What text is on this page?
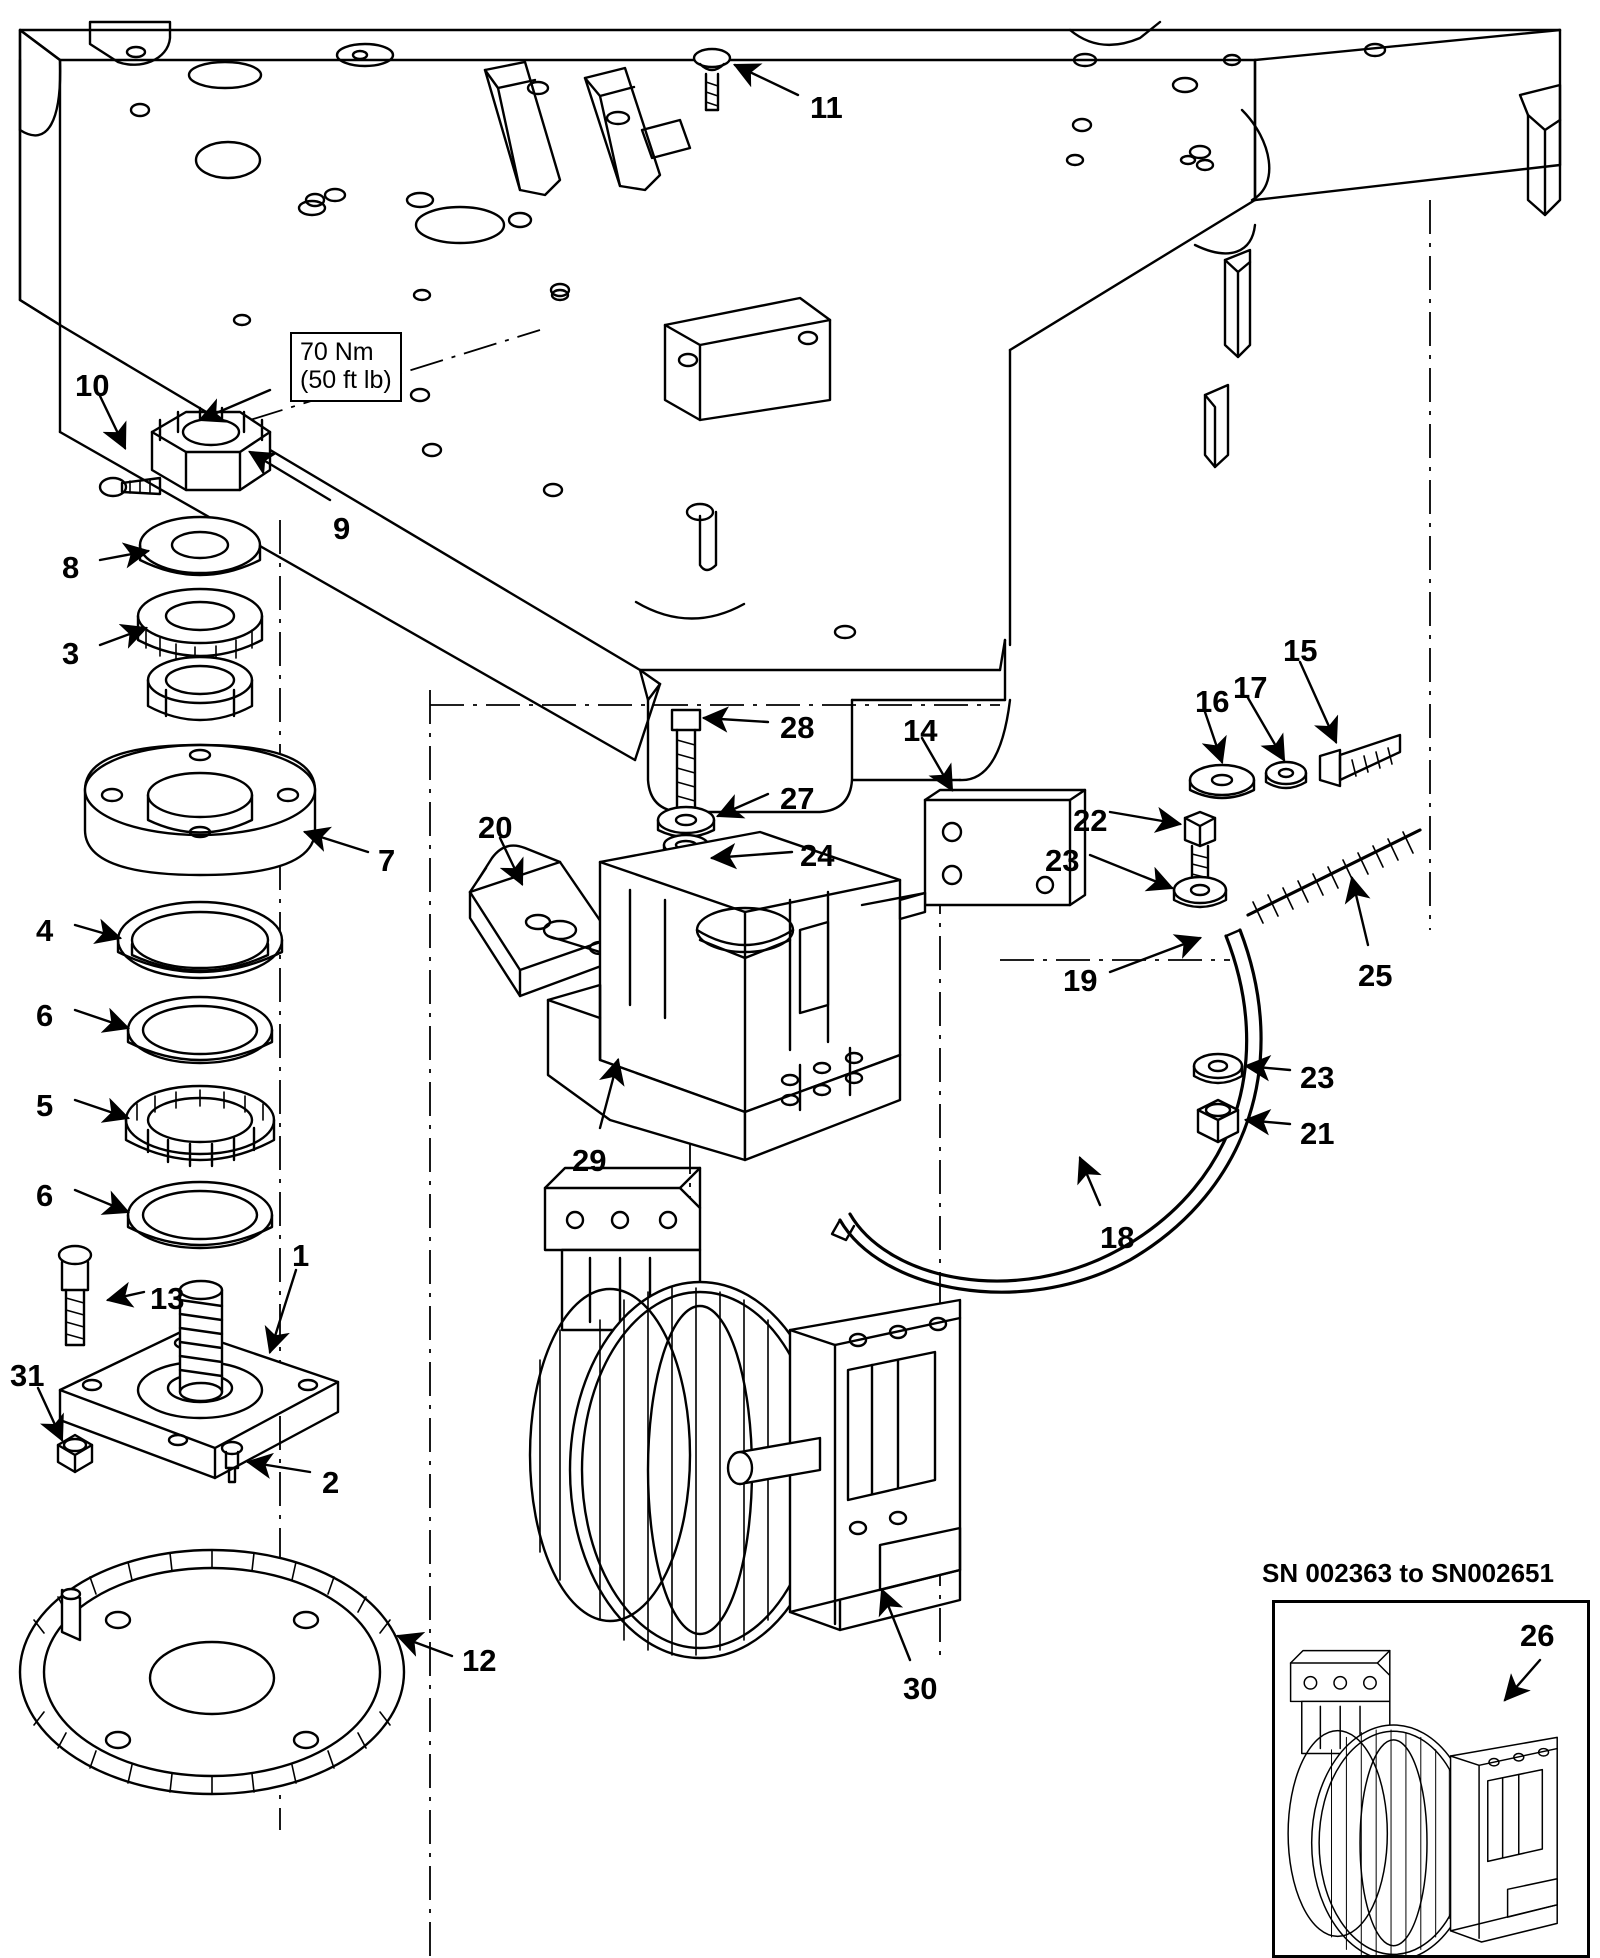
70 Nm
(50 ft lb)
SN 002363 to SN002651
26
11
10
9
8
3
7
4
6
5
6
1
13
31
2
12
28
27
24
20
29
14
22
23
16 17
15
25
19
23
21
18
30
